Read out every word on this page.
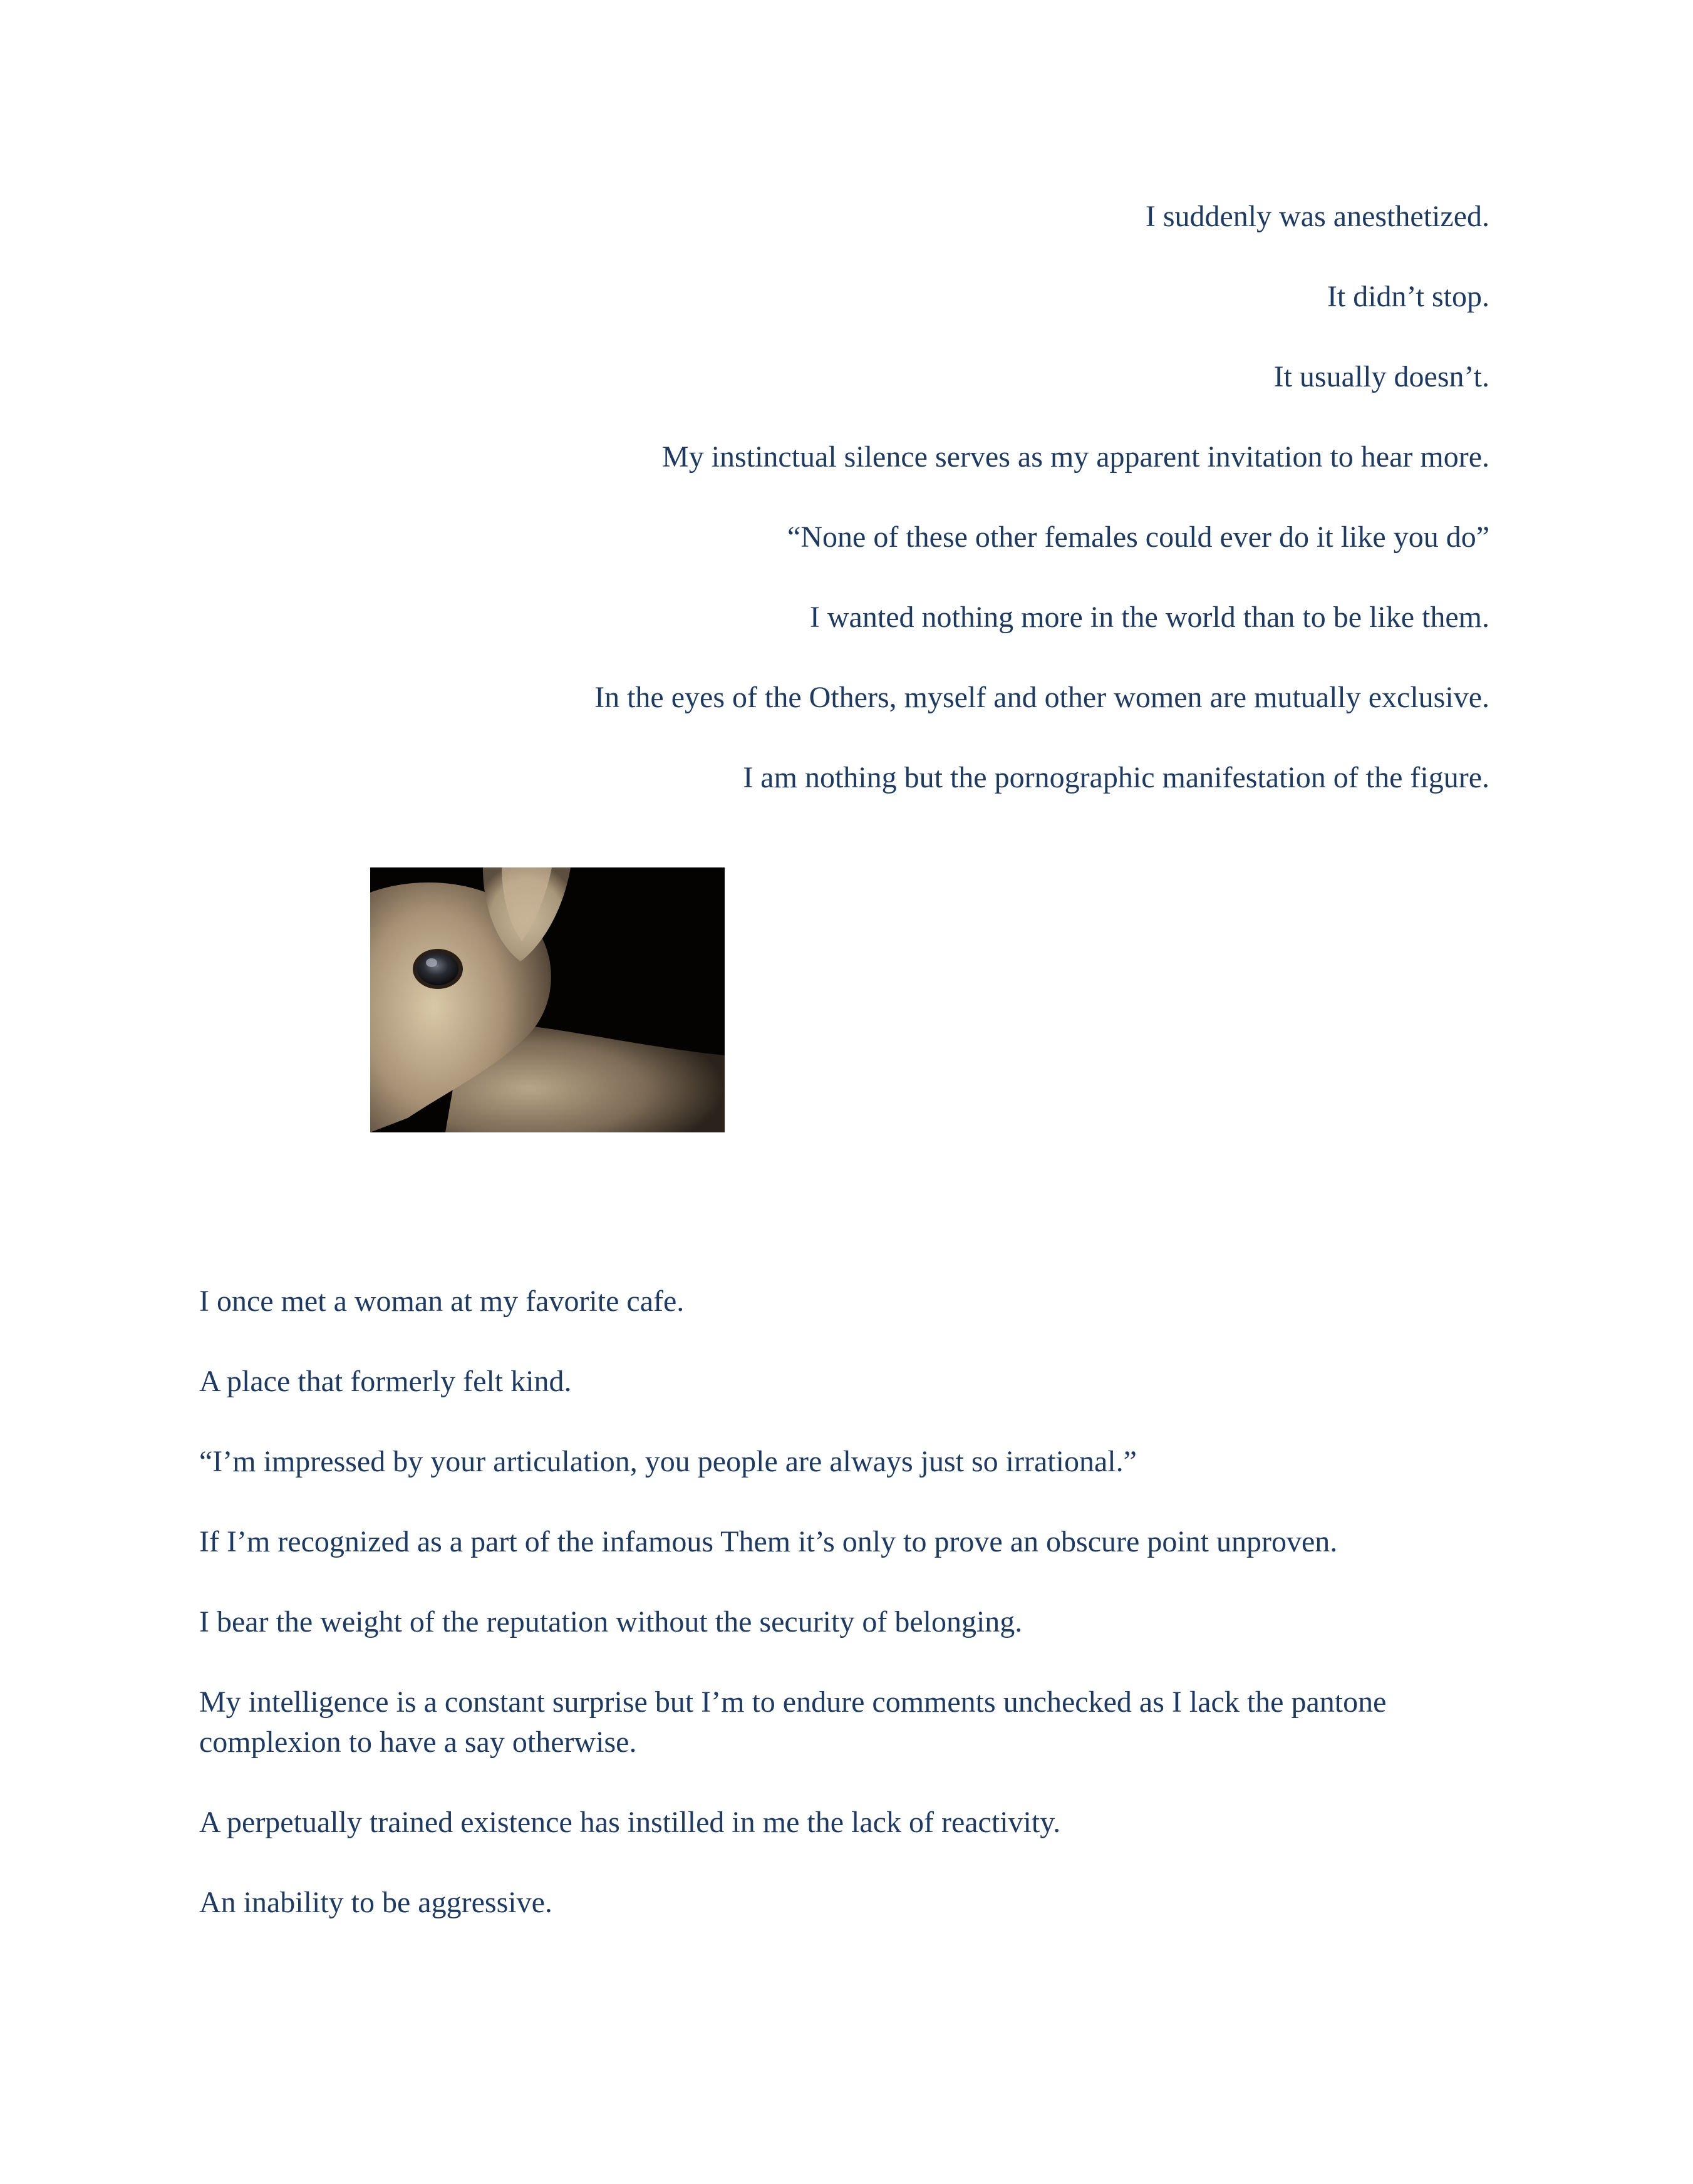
I suddenly was anesthetized.
It didn’t stop.
It usually doesn’t.
My instinctual silence serves as my apparent invitation to hear more.
“None of these other females could ever do it like you do”
I wanted nothing more in the world than to be like them.
In the eyes of the Others, myself and other women are mutually exclusive.
I am nothing but the pornographic manifestation of the figure.
I once met a woman at my favorite cafe.
A place that formerly felt kind.
“I’m impressed by your articulation, you people are always just so irrational.”
If I’m recognized as a part of the infamous Them it’s only to prove an obscure point unproven.
I bear the weight of the reputation without the security of belonging.
My intelligence is a constant surprise but I’m to endure comments unchecked as I lack the pantone complexion to have a say otherwise.
A perpetually trained existence has instilled in me the lack of reactivity.
An inability to be aggressive.
